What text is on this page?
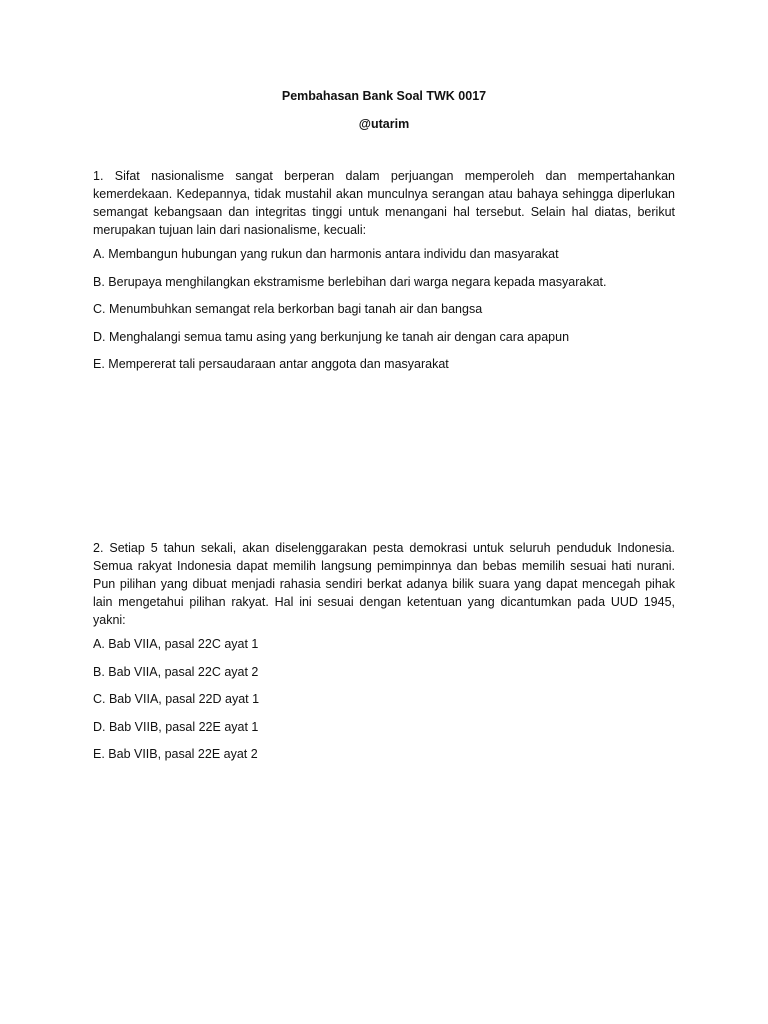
Pembahasan Bank Soal TWK 0017
@utarim

1. Sifat nasionalisme sangat berperan dalam perjuangan memperoleh dan mempertahankan kemerdekaan. Kedepannya, tidak mustahil akan munculnya serangan atau bahaya sehingga diperlukan semangat kebangsaan dan integritas tinggi untuk menangani hal tersebut. Selain hal diatas, berikut merupakan tujuan lain dari nasionalisme, kecuali:

A. Membangun hubungan yang rukun dan harmonis antara individu dan masyarakat
B. Berupaya menghilangkan ekstramisme berlebihan dari warga negara kepada masyarakat.
C. Menumbuhkan semangat rela berkorban bagi tanah air dan bangsa
D. Menghalangi semua tamu asing yang berkunjung ke tanah air dengan cara apapun
E. Mempererat tali persaudaraan antar anggota dan masyarakat

2. Setiap 5 tahun sekali, akan diselenggarakan pesta demokrasi untuk seluruh penduduk Indonesia. Semua rakyat Indonesia dapat memilih langsung pemimpinnya dan bebas memilih sesuai hati nurani. Pun pilihan yang dibuat menjadi rahasia sendiri berkat adanya bilik suara yang dapat mencegah pihak lain mengetahui pilihan rakyat. Hal ini sesuai dengan ketentuan yang dicantumkan pada UUD 1945, yakni:

A. Bab VIIA, pasal 22C ayat 1
B. Bab VIIA, pasal 22C ayat 2
C. Bab VIIA, pasal 22D ayat 1
D. Bab VIIB, pasal 22E ayat 1
E. Bab VIIB, pasal 22E ayat 2
